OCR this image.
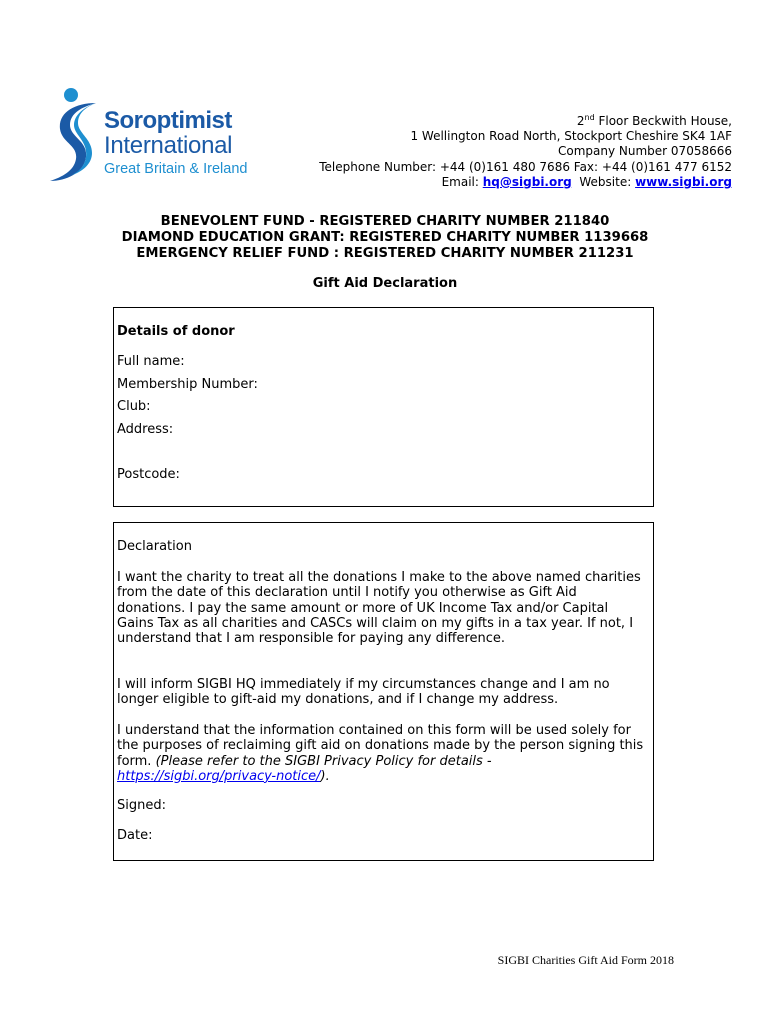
Soroptimist
International
Great Britain & Ireland
2nd Floor Beckwith House,
1 Wellington Road North, Stockport Cheshire SK4 1AF
Company Number 07058666
Telephone Number: +44 (0)161 480 7686 Fax: +44 (0)161 477 6152
Email: hq@sigbi.org  Website: www.sigbi.org
BENEVOLENT FUND - REGISTERED CHARITY NUMBER 211840
DIAMOND EDUCATION GRANT: REGISTERED CHARITY NUMBER 1139668
EMERGENCY RELIEF FUND : REGISTERED CHARITY NUMBER 211231
Gift Aid Declaration
Details of donor
Full name:
Membership Number:
Club:
Address:
Postcode:
Declaration
I want the charity to treat all the donations I make to the above named charities from the date of this declaration until I notify you otherwise as Gift Aid donations. I pay the same amount or more of UK Income Tax and/or Capital Gains Tax as all charities and CASCs will claim on my gifts in a tax year. If not, I understand that I am responsible for paying any difference.
I will inform SIGBI HQ immediately if my circumstances change and I am no longer eligible to gift-aid my donations, and if I change my address.
I understand that the information contained on this form will be used solely for the purposes of reclaiming gift aid on donations made by the person signing this form. (Please refer to the SIGBI Privacy Policy for details - https://sigbi.org/privacy-notice/).
Signed:
Date:
SIGBI Charities Gift Aid Form 2018
